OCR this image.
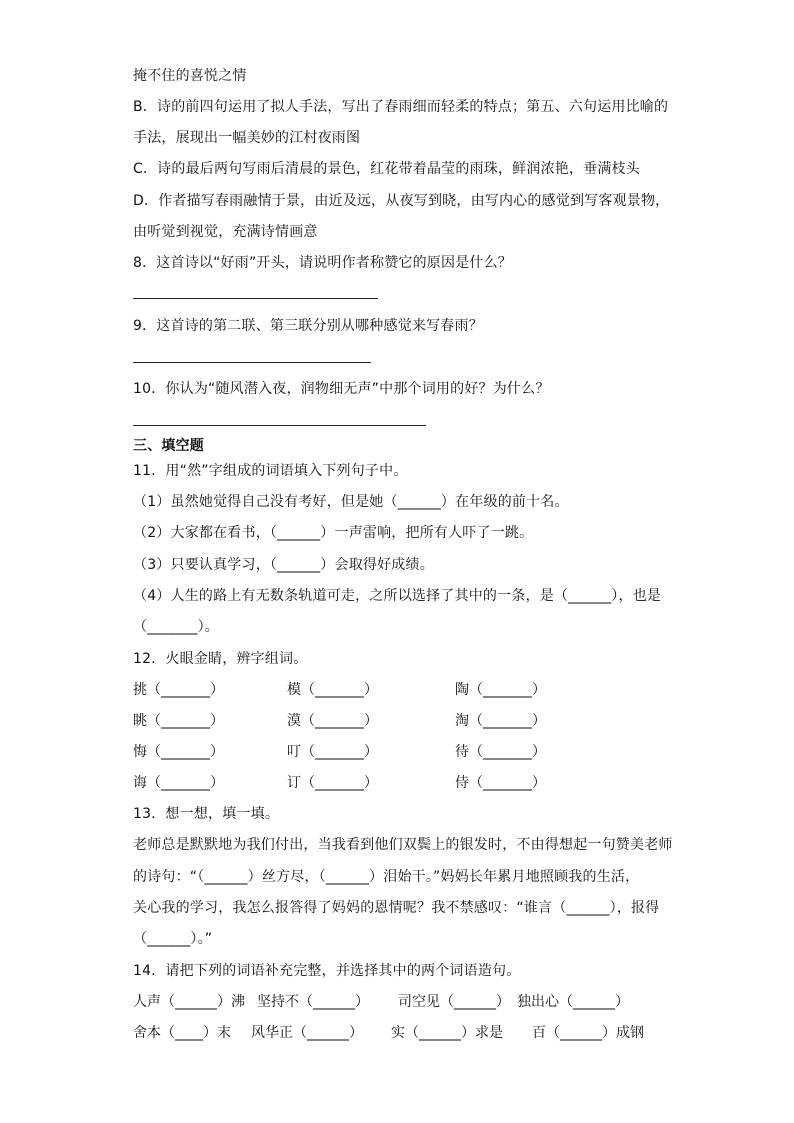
掩不住的喜悦之情
B．诗的前四句运用了拟人手法，写出了春雨细而轻柔的特点；第五、六句运用比喻的
手法，展现出一幅美妙的江村夜雨图
C．诗的最后两句写雨后清晨的景色，红花带着晶莹的雨珠，鲜润浓艳，垂满枝头
D．作者描写春雨融情于景，由近及远，从夜写到晓，由写内心的感觉到写客观景物，
由听觉到视觉，充满诗情画意
8．这首诗以“好雨”开头，请说明作者称赞它的原因是什么？
9．这首诗的第二联、第三联分别从哪种感觉来写春雨？
10．你认为“随风潜入夜，润物细无声”中那个词用的好？为什么？
三、填空题
11．用“然”字组成的词语填入下列句子中。
（1）虽然她觉得自己没有考好，但是她（______）在年级的前十名。
（2）大家都在看书，（______）一声雷响，把所有人吓了一跳。
（3）只要认真学习，（______）会取得好成绩。
（4）人生的路上有无数条轨道可走，之所以选择了其中的一条，是（______），也是
（_______）。
12．火眼金睛，辨字组词。
挑（_______）	模（_______）	陶（_______）
眺（_______）	漠（_______）	淘（_______）
悔（_______）	叮（_______）	待（_______）
诲（_______）	订（_______）	侍（_______）
13．想一想，填一填。
老师总是默默地为我们付出，当我看到他们双鬓上的银发时，不由得想起一句赞美老师
的诗句：“（______）丝方尽，（______）泪始干。”妈妈长年累月地照顾我的生活，
关心我的学习，我怎么报答得了妈妈的恩情呢？我不禁感叹：“谁言（______），报得
（______）。”
14．请把下列的词语补充完整，并选择其中的两个词语造句。
人声（______）沸 坚持不（______） 司空见（______） 独出心（______）
舍本（____）末 风华正（______） 实（______）求是 百（______）成钢
